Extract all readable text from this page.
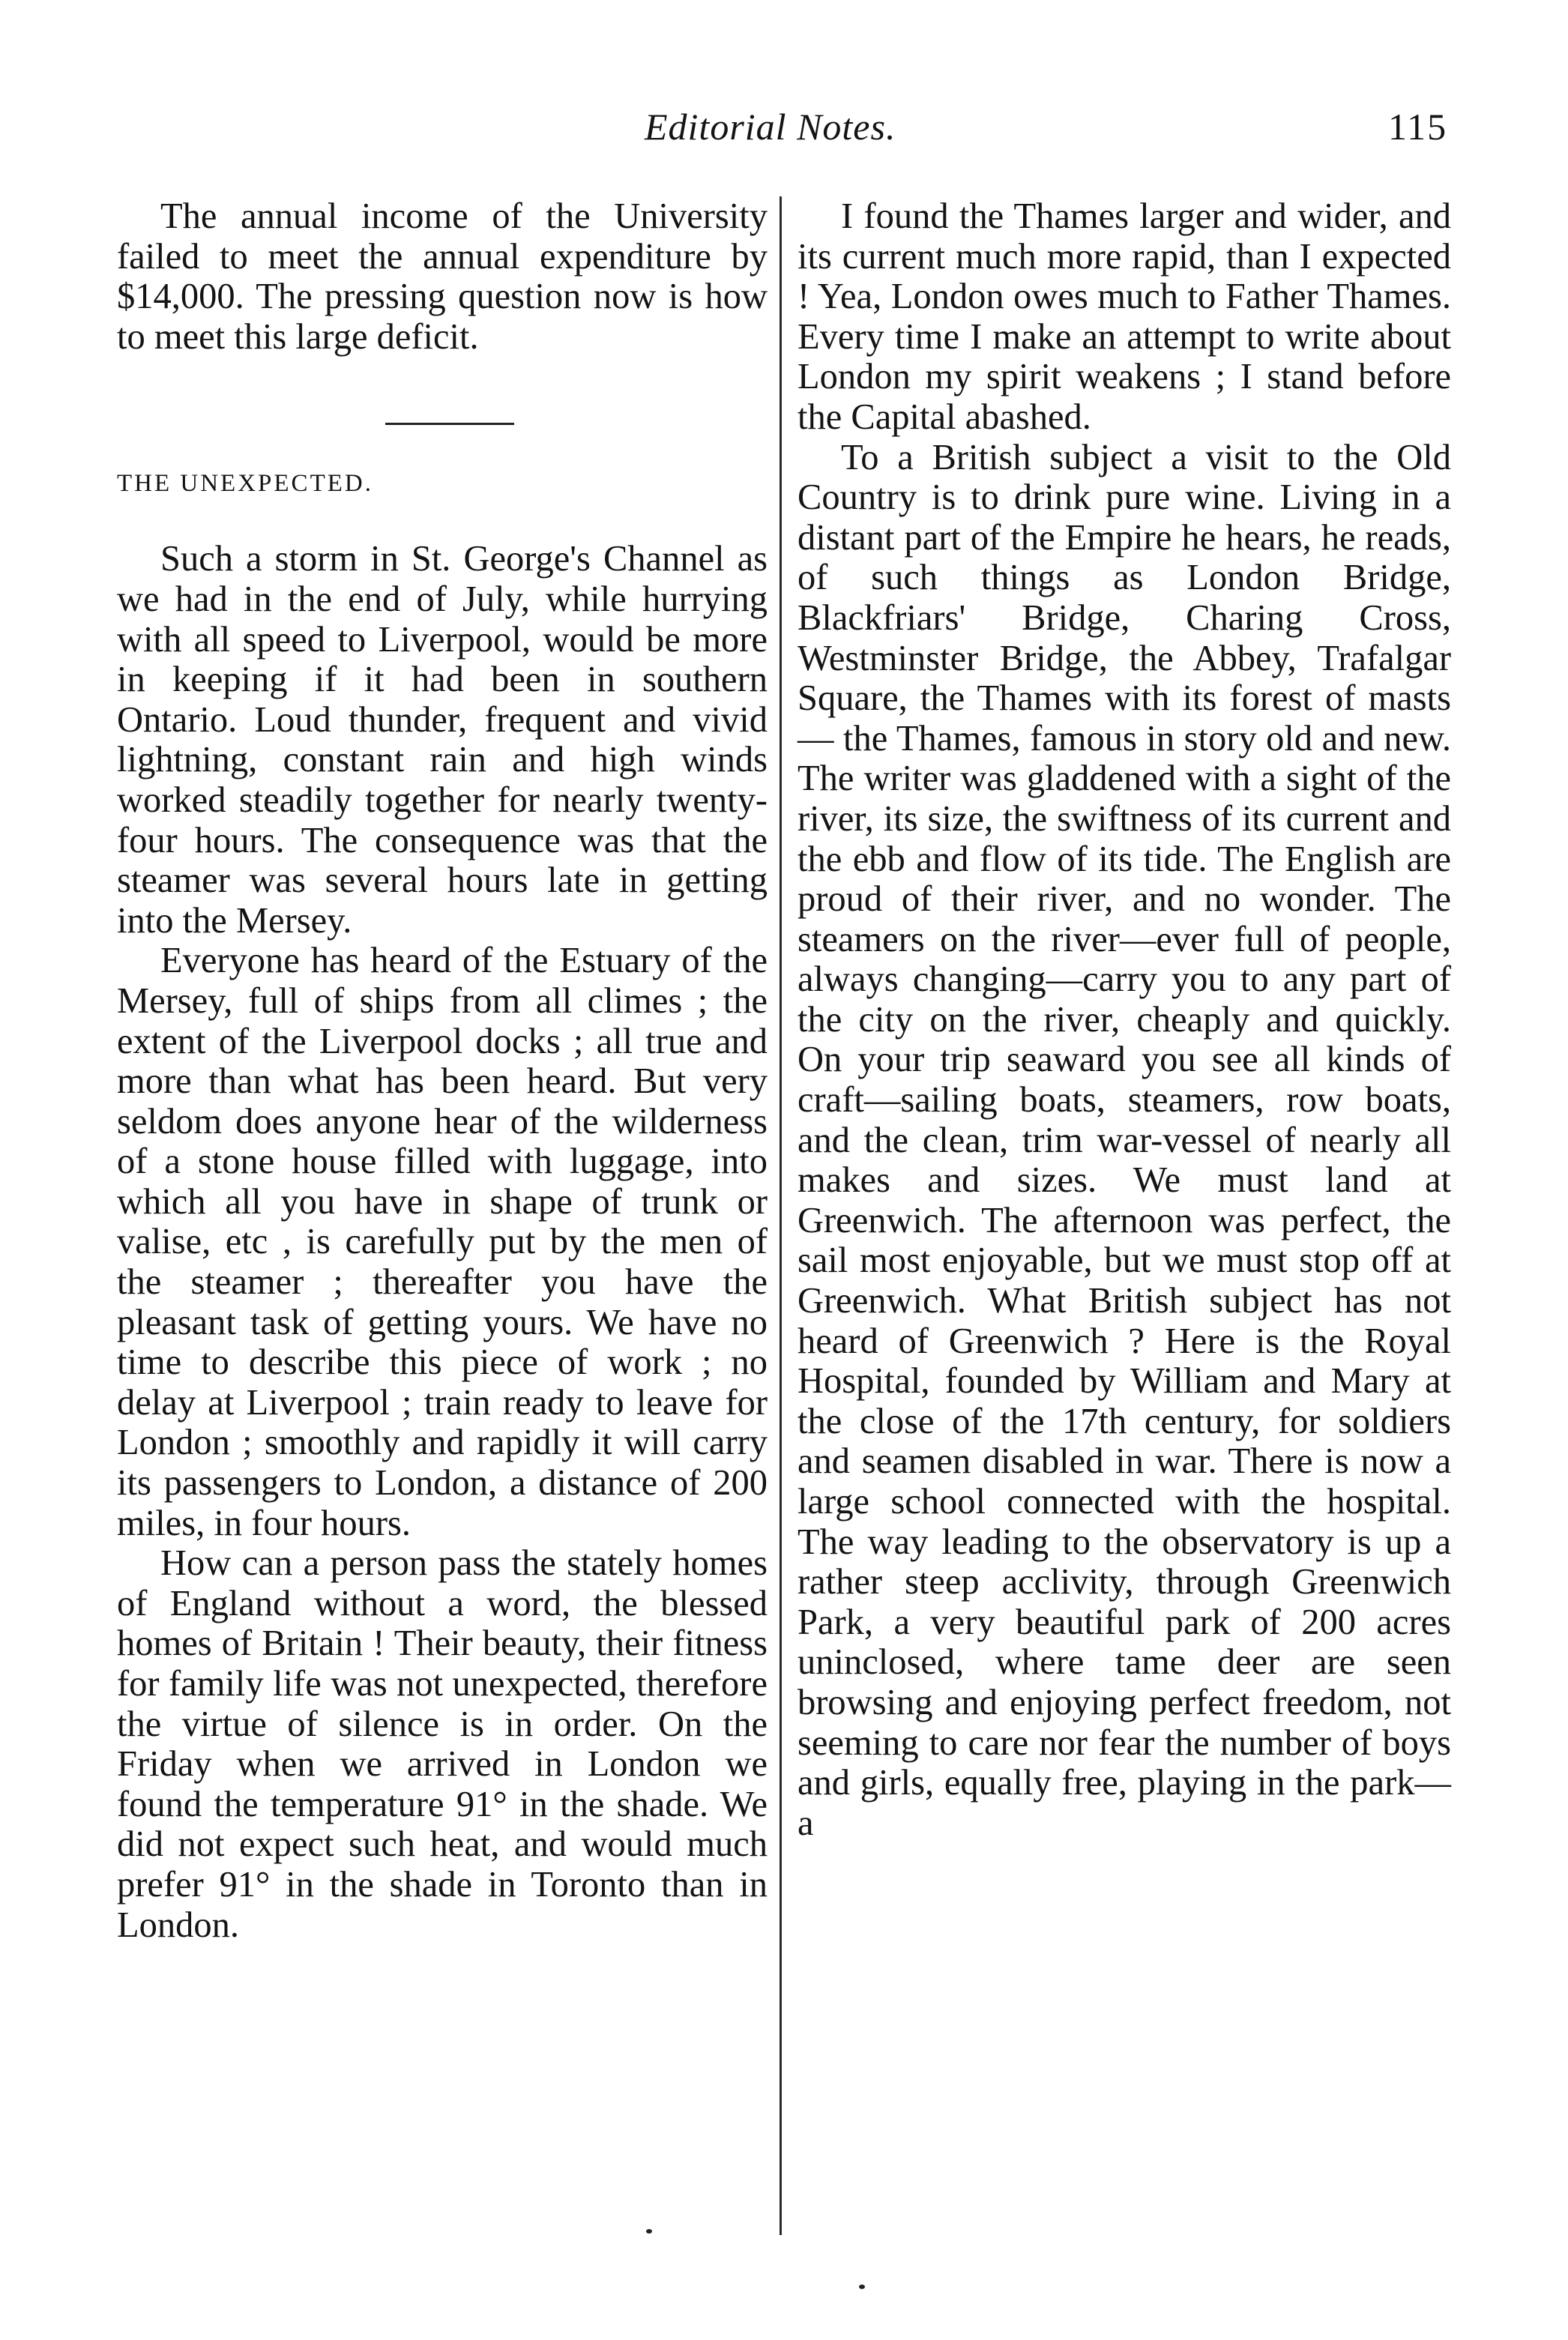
Editorial Notes.	115

The annual income of the University failed to meet the annual expenditure by $14,000. The pressing question now is how to meet this large deficit.

THE UNEXPECTED.

Such a storm in St. George's Channel as we had in the end of July, while hurrying with all speed to Liverpool, would be more in keeping if it had been in southern Ontario. Loud thunder, frequent and vivid lightning, constant rain and high winds worked steadily together for nearly twenty-four hours. The consequence was that the steamer was several hours late in getting into the Mersey.

Everyone has heard of the Estuary of the Mersey, full of ships from all climes ; the extent of the Liverpool docks ; all true and more than what has been heard. But very seldom does anyone hear of the wilderness of a stone house filled with luggage, into which all you have in shape of trunk or valise, etc , is carefully put by the men of the steamer ; thereafter you have the pleasant task of getting yours. We have no time to describe this piece of work ; no delay at Liverpool ; train ready to leave for London ; smoothly and rapidly it will carry its passengers to London, a distance of 200 miles, in four hours.

How can a person pass the stately homes of England without a word, the blessed homes of Britain ! Their beauty, their fitness for family life was not unexpected, therefore the virtue of silence is in order. On the Friday when we arrived in London we found the temperature 91° in the shade. We did not expect such heat, and would much prefer 91° in the shade in Toronto than in London.

I found the Thames larger and wider, and its current much more rapid, than I expected ! Yea, London owes much to Father Thames. Every time I make an attempt to write about London my spirit weakens ; I stand before the Capital abashed.

To a British subject a visit to the Old Country is to drink pure wine. Living in a distant part of the Empire he hears, he reads, of such things as London Bridge, Blackfriars' Bridge, Charing Cross, Westminster Bridge, the Abbey, Trafalgar Square, the Thames with its forest of masts — the Thames, famous in story old and new. The writer was gladdened with a sight of the river, its size, the swiftness of its current and the ebb and flow of its tide. The English are proud of their river, and no wonder. The steamers on the river—ever full of people, always changing—carry you to any part of the city on the river, cheaply and quickly. On your trip seaward you see all kinds of craft—sailing boats, steamers, row boats, and the clean, trim war-vessel of nearly all makes and sizes. We must land at Greenwich. The afternoon was perfect, the sail most enjoyable, but we must stop off at Greenwich. What British subject has not heard of Greenwich ? Here is the Royal Hospital, founded by William and Mary at the close of the 17th century, for soldiers and seamen disabled in war. There is now a large school connected with the hospital. The way leading to the observatory is up a rather steep acclivity, through Greenwich Park, a very beautiful park of 200 acres uninclosed, where tame deer are seen browsing and enjoying perfect freedom, not seeming to care nor fear the number of boys and girls, equally free, playing in the park—a
